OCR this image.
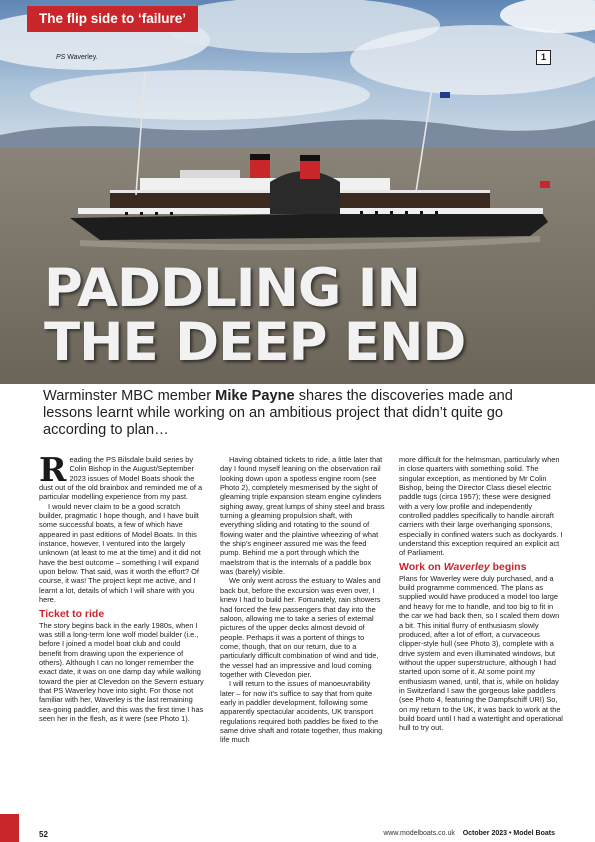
The flip side to ‘failure’
PS Waverley.	1
PADDLING IN
THE DEEP END
Warminster MBC member Mike Payne shares the discoveries made and lessons learnt while working on an ambitious project that didn’t quite go according to plan…

Reading the PS Bilsdale build series by Colin Bishop in the August/September 2023 issues of Model Boats shook the dust out of the old brainbox and reminded me of a particular modelling experience from my past.

I would never claim to be a good scratch builder, pragmatic I hope though, and I have built some successful boats, a few of which have appeared in past editions of Model Boats. In this instance, however, I ventured into the largely unknown (at least to me at the time) and it did not have the best outcome – something I will expand upon below. That said, was it worth the effort? Of course, it was! The project kept me active, and I learnt a lot, details of which I will share with you here.

Ticket to ride

The story begins back in the early 1980s, when I was still a long-term lone wolf model builder (i.e., before I joined a model boat club and could benefit from drawing upon the experience of others). Although I can no longer remember the exact date, it was on one damp day while walking toward the pier at Clevedon on the Severn estuary that PS Waverley hove into sight. For those not familiar with her, Waverley is the last remaining sea-going paddler, and this was the first time I has seen her in the flesh, as it were (see Photo 1).

Having obtained tickets to ride, a little later that day I found myself leaning on the observation rail looking down upon a spotless engine room (see Photo 2), completely mesmerised by the sight of gleaming triple expansion steam engine cylinders sighing away, great lumps of shiny steel and brass turning a gleaming propulsion shaft, with everything sliding and rotating to the sound of flowing water and the plaintive wheezing of what the ship’s engineer assured me was the feed pump. Behind me a port through which the maelstrom that is the internals of a paddle box was (barely) visible.

We only went across the estuary to Wales and back but, before the excursion was even over, I knew I had to build her. Fortunately, rain showers had forced the few passengers that day into the saloon, allowing me to take a series of external pictures of the upper decks almost devoid of people. Perhaps it was a portent of things to come, though, that on our return, due to a particularly difficult combination of wind and tide, the vessel had an impressive and loud coming together with Clevedon pier.

I will return to the issues of manoeuvrability later – for now it’s suffice to say that from quite early in paddler development, following some apparently spectacular accidents, UK transport regulations required both paddles be fixed to the same drive shaft and rotate together, thus making life much

more difficult for the helmsman, particularly when in close quarters with something solid. The singular exception, as mentioned by Mr Colin Bishop, being the Director Class diesel electric paddle tugs (circa 1957); these were designed with a very low profile and independently controlled paddles specifically to handle aircraft carriers with their large overhanging sponsons, especially in confined waters such as dockyards. I understand this exception required an explicit act of Parliament.

Work on Waverley begins

Plans for Waverley were duly purchased, and a build programme commenced. The plans as supplied would have produced a model too large and heavy for me to handle, and too big to fit in the car we had back then, so I scaled them down a bit. This initial flurry of enthusiasm slowly produced, after a lot of effort, a curvaceous clipper-style hull (see Photo 3), complete with a drive system and even illuminated windows, but without the upper superstructure, although I had started upon some of it. At some point my enthusiasm waned, until, that is, while on holiday in Switzerland I saw the gorgeous lake paddlers (see Photo 4, featuring the Dampfschiff URI) So, on my return to the UK, it was back to work at the build board until I had a watertight and operational hull to try out.

52	www.modelboats.co.uk October 2023 • Model Boats
